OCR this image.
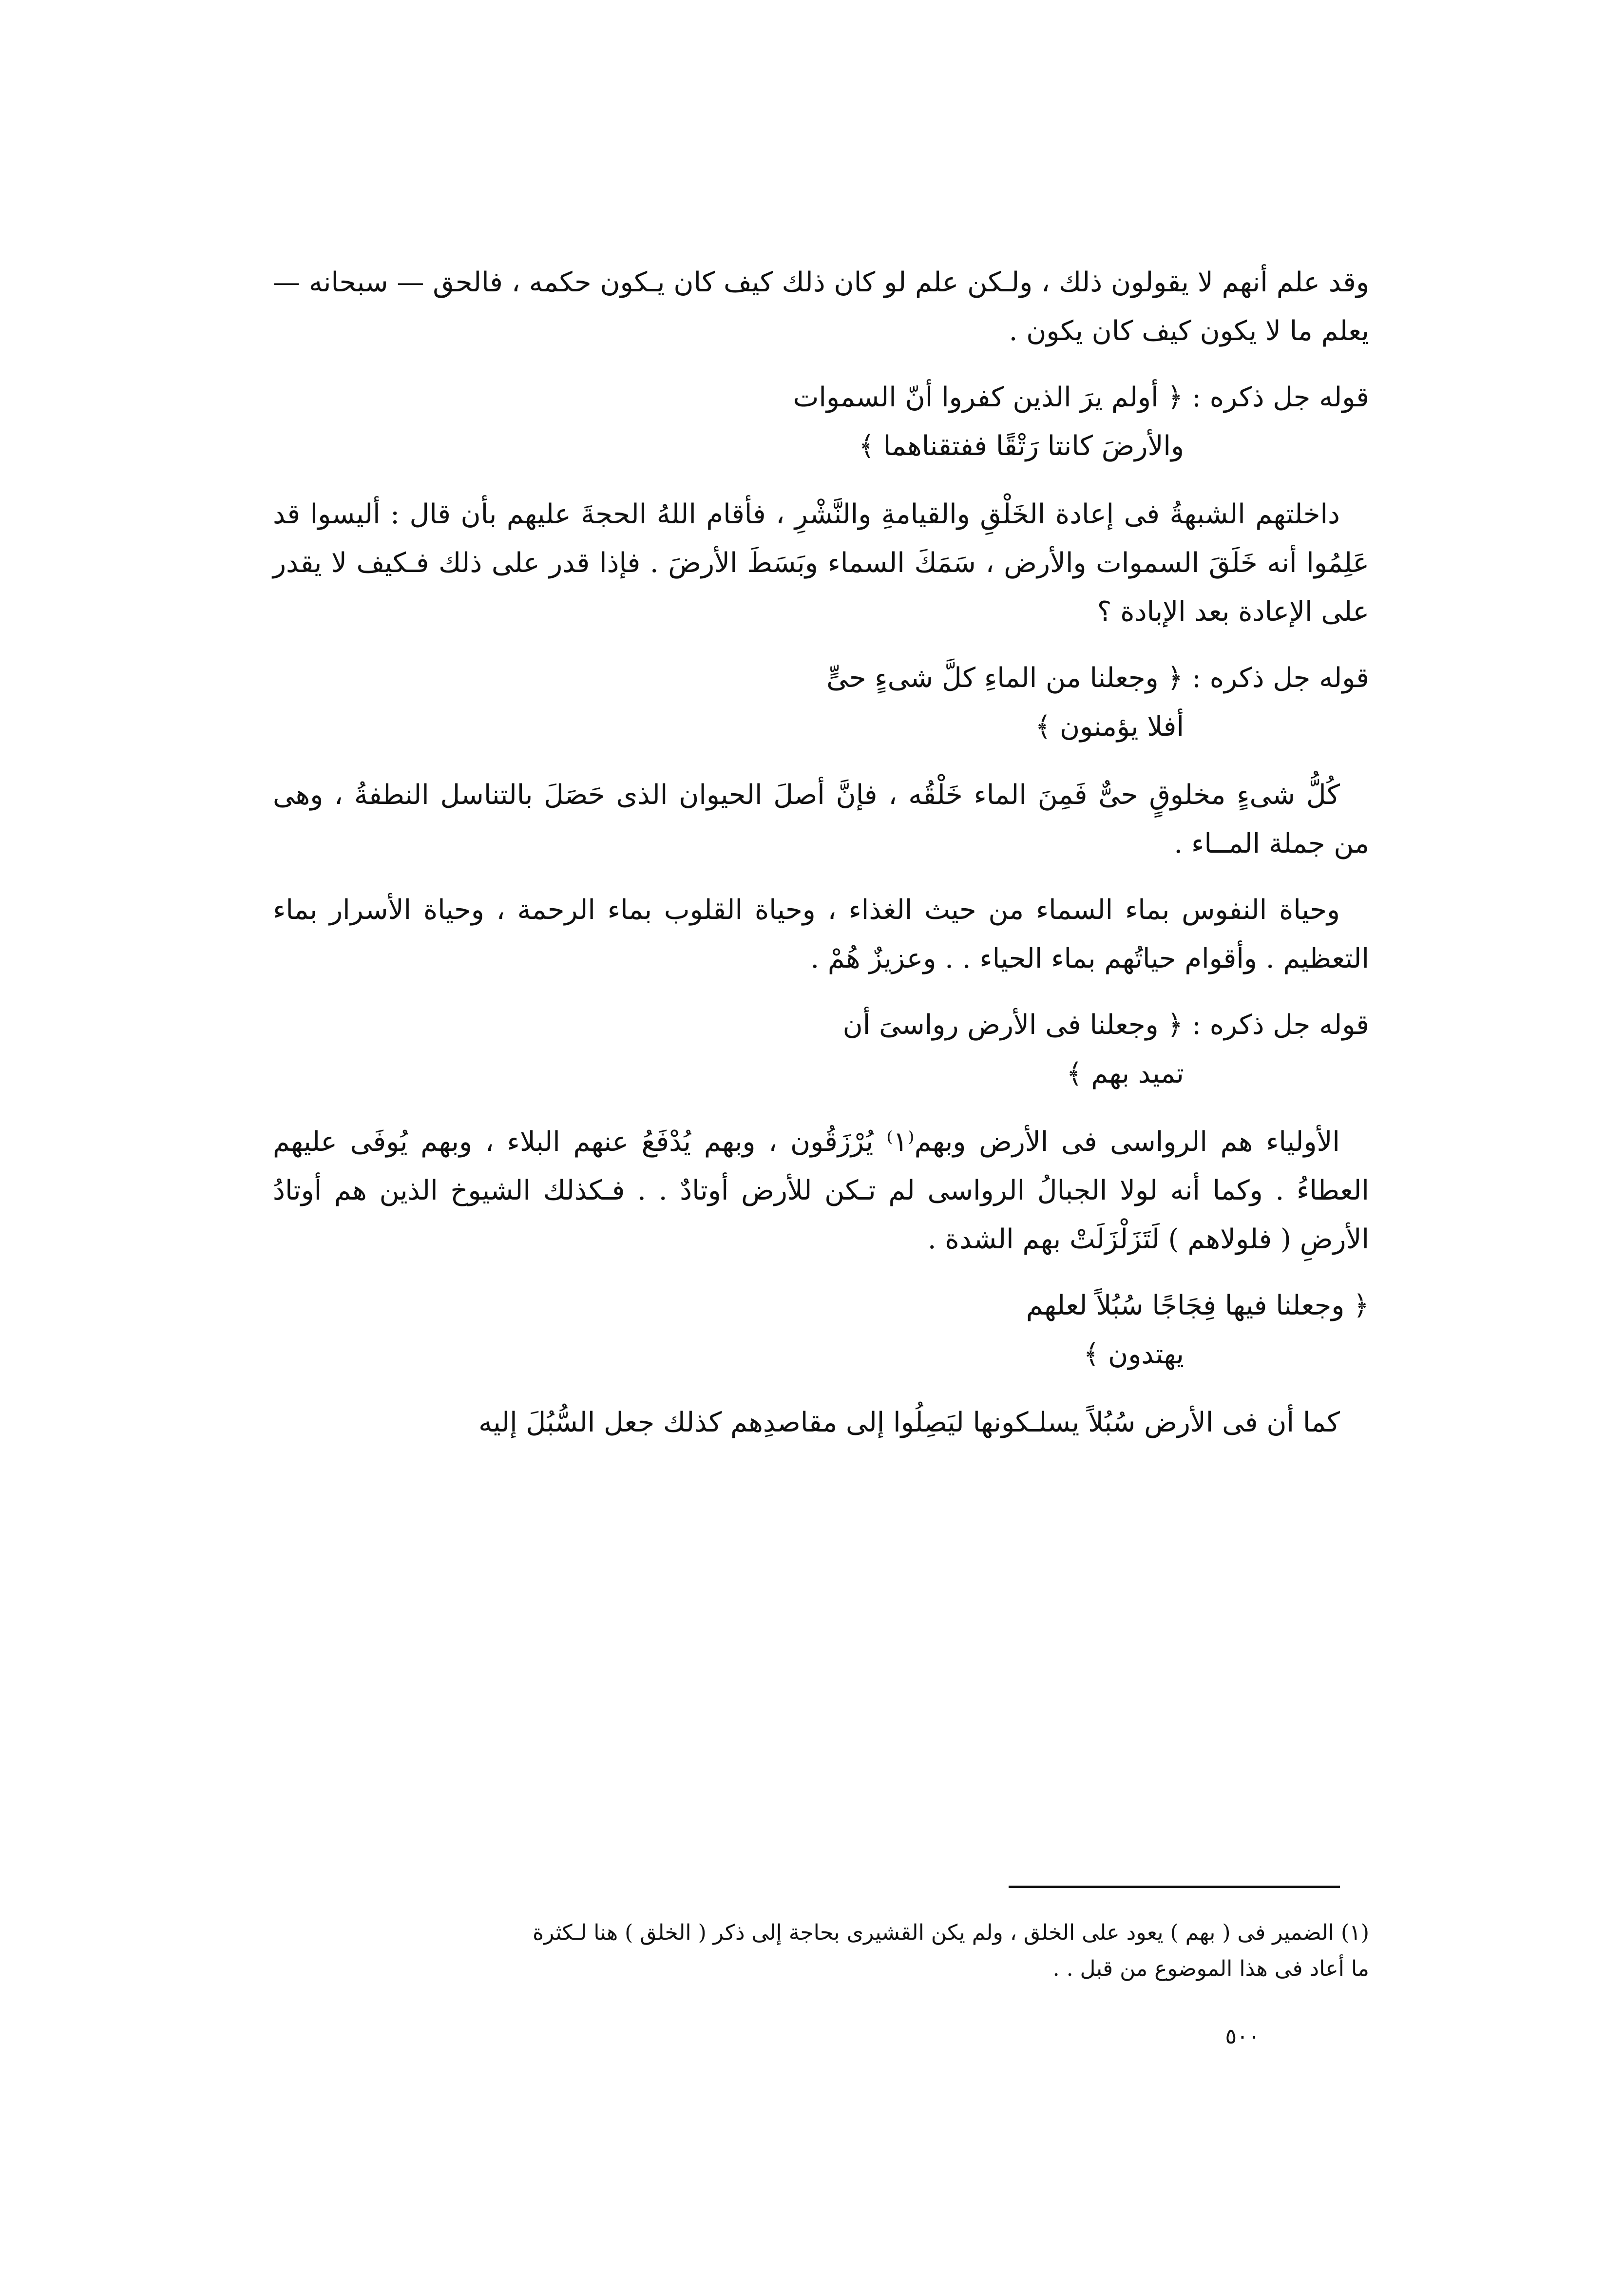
وقد علم أنهم لا يقولون ذلك ، ولـكن علم لو كان ذلك كيف كان يـكون حكمه ، فالحق — سبحانه — يعلم ما لا يكون كيف كان يكون .

قوله جل ذكره : ﴿ أولم يرَ الذين كفروا أنّ السموات

والأرضَ كانتا رَتْقًا ففتقناهما ﴾

داخلتهم الشبهةُ فى إعادة الخَلْقِ والقيامةِ والنَّشْرِ ، فأقام اللهُ الحجةَ عليهم بأن قال : أليسوا قد عَلِمُوا أنه خَلَقَ السموات والأرض ، سَمَكَ السماء وبَسَطَ الأرضَ . فإذا قدر على ذلك فـكيف لا يقدر على الإعادة بعد الإبادة ؟

قوله جل ذكره : ﴿ وجعلنا من الماءِ كلَّ شىءٍ حىٍّ

أفلا يؤمنون ﴾

كُلُّ شىءٍ مخلوقٍ حىٌّ فَمِنَ الماء خَلْقُه ، فإنَّ أصلَ الحيوان الذى حَصَلَ بالتناسل النطفةُ ، وهى من جملة المــاء .

وحياة النفوس بماء السماء من حيث الغذاء ، وحياة القلوب بماء الرحمة ، وحياة الأسرار بماء التعظيم . وأقوام حياتُهم بماء الحياء . . وعزيزٌ هُمْ .

قوله جل ذكره : ﴿ وجعلنا فى الأرض رواسىَ أن

تميد بهم ﴾

الأولياء هم الرواسى فى الأرض وبهم⁽١⁾ يُرْزَقُون ، وبهم يُدْفَعُ عنهم البلاء ، وبهم يُوفَى عليهم العطاءُ . وكما أنه لولا الجبالُ الرواسى لم تـكن للأرض أوتادٌ . . فـكذلك الشيوخ الذين هم أوتادُ الأرضِ ( فلولاهم ) لَتَزَلْزَلَتْ بهم الشدة .

﴿ وجعلنا فيها فِجَاجًا سُبُلاً لعلهم

يهتدون ﴾

كما أن فى الأرض سُبُلاً يسلـكونها ليَصِلُوا إلى مقاصدِهم كذلك جعل السُّبُلَ إليه

(١) الضمير فى ( بهم ) يعود على الخلق ، ولم يكن القشيرى بحاجة إلى ذكر ( الخلق ) هنا لـكثرة

ما أعاد فى هذا الموضوع من قبل . .

٥٠٠
